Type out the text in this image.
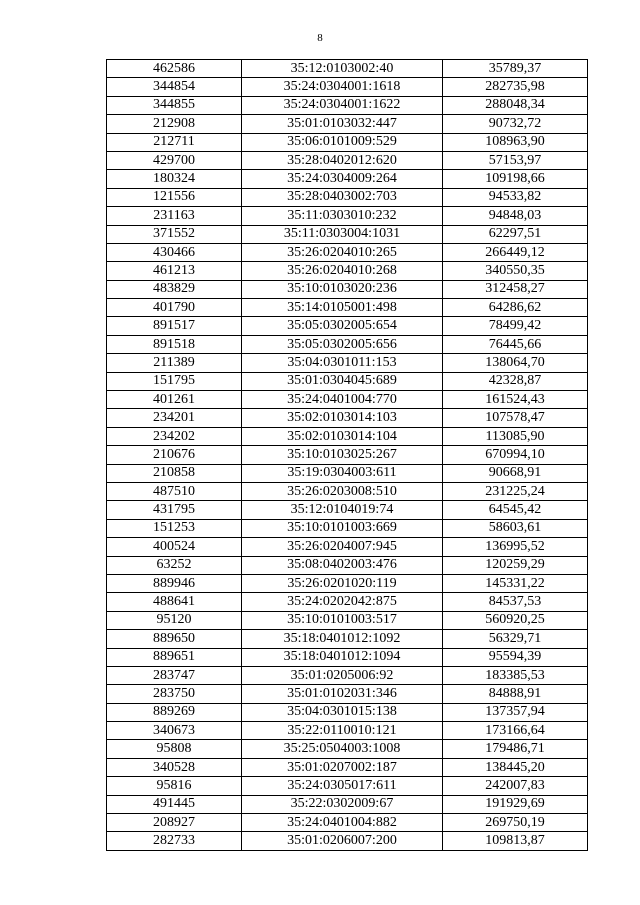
8
462586	35:12:0103002:40	35789,37
344854	35:24:0304001:1618	282735,98
344855	35:24:0304001:1622	288048,34
212908	35:01:0103032:447	90732,72
212711	35:06:0101009:529	108963,90
429700	35:28:0402012:620	57153,97
180324	35:24:0304009:264	109198,66
121556	35:28:0403002:703	94533,82
231163	35:11:0303010:232	94848,03
371552	35:11:0303004:1031	62297,51
430466	35:26:0204010:265	266449,12
461213	35:26:0204010:268	340550,35
483829	35:10:0103020:236	312458,27
401790	35:14:0105001:498	64286,62
891517	35:05:0302005:654	78499,42
891518	35:05:0302005:656	76445,66
211389	35:04:0301011:153	138064,70
151795	35:01:0304045:689	42328,87
401261	35:24:0401004:770	161524,43
234201	35:02:0103014:103	107578,47
234202	35:02:0103014:104	113085,90
210676	35:10:0103025:267	670994,10
210858	35:19:0304003:611	90668,91
487510	35:26:0203008:510	231225,24
431795	35:12:0104019:74	64545,42
151253	35:10:0101003:669	58603,61
400524	35:26:0204007:945	136995,52
63252	35:08:0402003:476	120259,29
889946	35:26:0201020:119	145331,22
488641	35:24:0202042:875	84537,53
95120	35:10:0101003:517	560920,25
889650	35:18:0401012:1092	56329,71
889651	35:18:0401012:1094	95594,39
283747	35:01:0205006:92	183385,53
283750	35:01:0102031:346	84888,91
889269	35:04:0301015:138	137357,94
340673	35:22:0110010:121	173166,64
95808	35:25:0504003:1008	179486,71
340528	35:01:0207002:187	138445,20
95816	35:24:0305017:611	242007,83
491445	35:22:0302009:67	191929,69
208927	35:24:0401004:882	269750,19
282733	35:01:0206007:200	109813,87
